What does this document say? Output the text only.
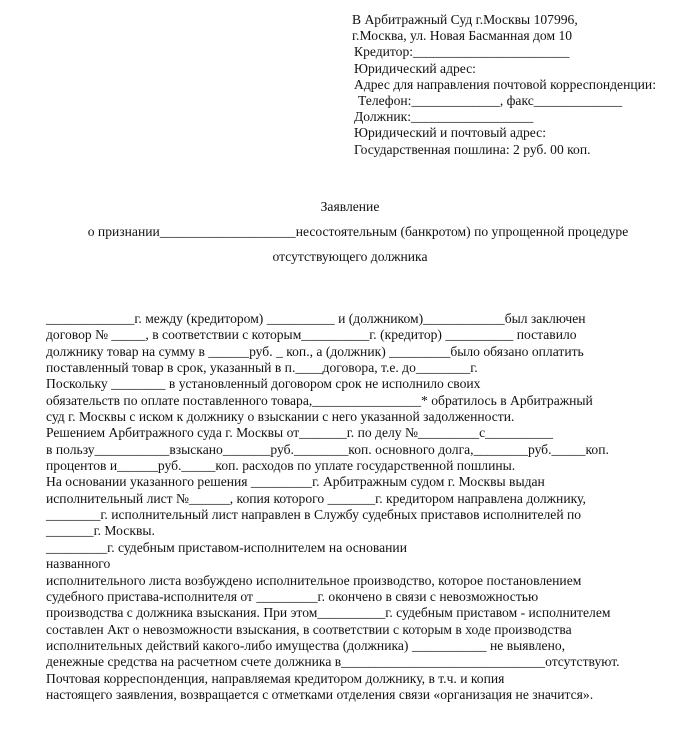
В Арбитражный Суд г.Москвы 107996,
г.Москва, ул. Новая Басманная дом 10
Кредитор:_______________________
Юридический адрес:
Адрес для направления почтовой корреспонденции:
Телефон:_____________, факс_____________
Должник:__________________
Юридический и почтовый адрес:
Государственная пошлина: 2 руб. 00 коп.
Заявление
о признании____________________несостоятельным (банкротом) по упрощенной процедуре
отсутствующего должника
_____________г. между (кредитором) __________ и (должником)____________был заключен
договор № _____, в соответствии с которым__________г. (кредитор) __________ поставило
должнику товар на сумму в ______руб. _ коп., а (должник) _________было обязано оплатить
поставленный товар в срок, указанный в п.____договора, т.е. до________г.
Поскольку ________ в установленный договором срок не исполнило своих
обязательств по оплате поставленного товара,________________* обратилось в Арбитражный
суд г. Москвы с иском к должнику о взыскании с него указанной задолженности.
Решением Арбитражного суда г. Москвы от_______г. по делу №_________с__________
в пользу___________взыскано_______руб.________коп. основного долга,________руб._____коп.
процентов и______руб._____коп. расходов по уплате государственной пошлины.
На основании указанного решения _________г. Арбитражным судом г. Москвы выдан
исполнительный лист №______, копия которого _______г. кредитором направлена должнику,
________г. исполнительный лист направлен в Службу судебных приставов исполнителей по
_______г. Москвы.
_________г. судебным приставом-исполнителем на основании
названного
исполнительного листа возбуждено исполнительное производство, которое постановлением
судебного пристава-исполнителя от _________г. окончено в связи с невозможностью
производства с должника взыскания. При этом__________г. судебным приставом - исполнителем
составлен Акт о невозможности взыскания, в соответствии с которым в ходе производства
исполнительных действий какого-либо имущества (должника) ___________ не выявлено,
денежные средства на расчетном счете должника в______________________________отсутствуют.
Почтовая корреспонденция, направляемая кредитором должнику, в т.ч. и копия
настоящего заявления, возвращается с отметками отделения связи «организация не значится».
